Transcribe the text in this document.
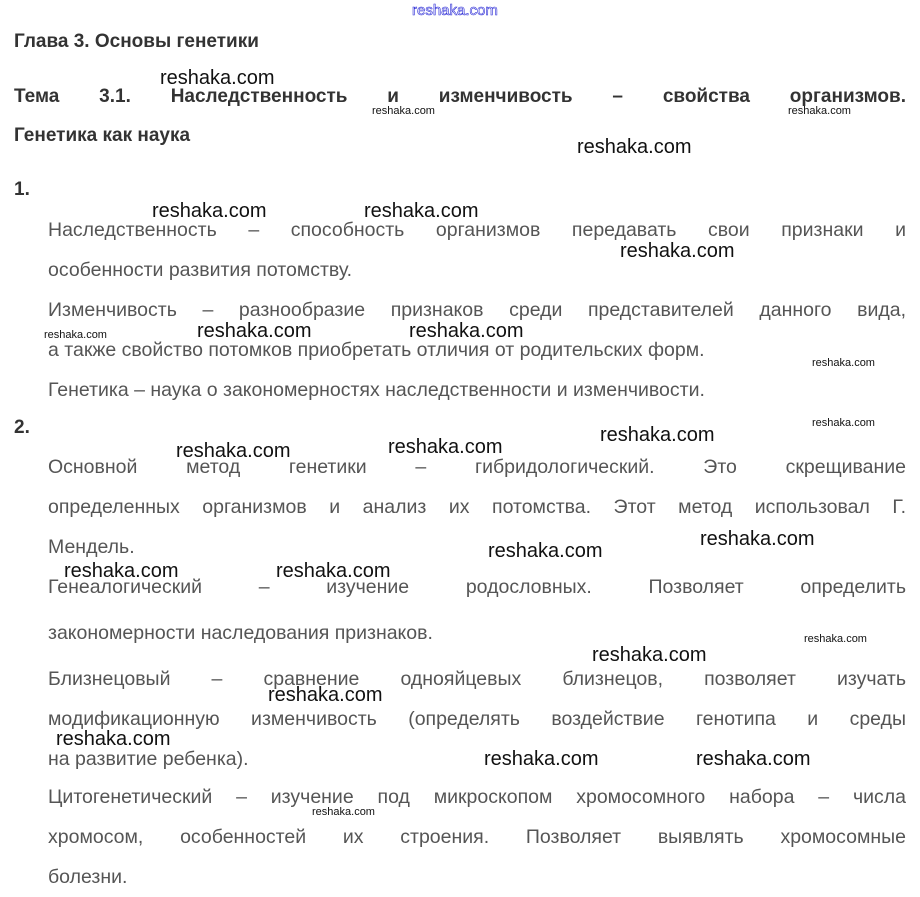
reshaka.com
Глава 3. Основы генетики
Тема 3.1. Наследственность и изменчивость – свойства организмов.
Генетика как наука
1.
Наследственность – способность организмов передавать свои признаки и
особенности развития потомству.
Изменчивость – разнообразие признаков среди представителей данного вида,
а также свойство потомков приобретать отличия от родительских форм.
Генетика – наука о закономерностях наследственности и изменчивости.
2.
Основной метод генетики – гибридологический. Это скрещивание
определенных организмов и анализ их потомства. Этот метод использовал Г.
Мендель.
Генеалогический – изучение родословных. Позволяет определить
закономерности наследования признаков.
Близнецовый – сравнение однояйцевых близнецов, позволяет изучать
модификационную изменчивость (определять воздействие генотипа и среды
на развитие ребенка).
Цитогенетический – изучение под микроскопом хромосомного набора – числа
хромосом, особенностей их строения. Позволяет выявлять хромосомные
болезни.
reshaka.com
reshaka.com
reshaka.com	reshaka.com
reshaka.com
reshaka.com	reshaka.com
reshaka.com	reshaka.com
reshaka.com
reshaka.com
reshaka.com
reshaka.com	reshaka.com
reshaka.com
reshaka.com
reshaka.com
reshaka.com	reshaka.com
reshaka.com	reshaka.com
reshaka.com
reshaka.com
reshaka.com
reshaka.com
reshaka.com
